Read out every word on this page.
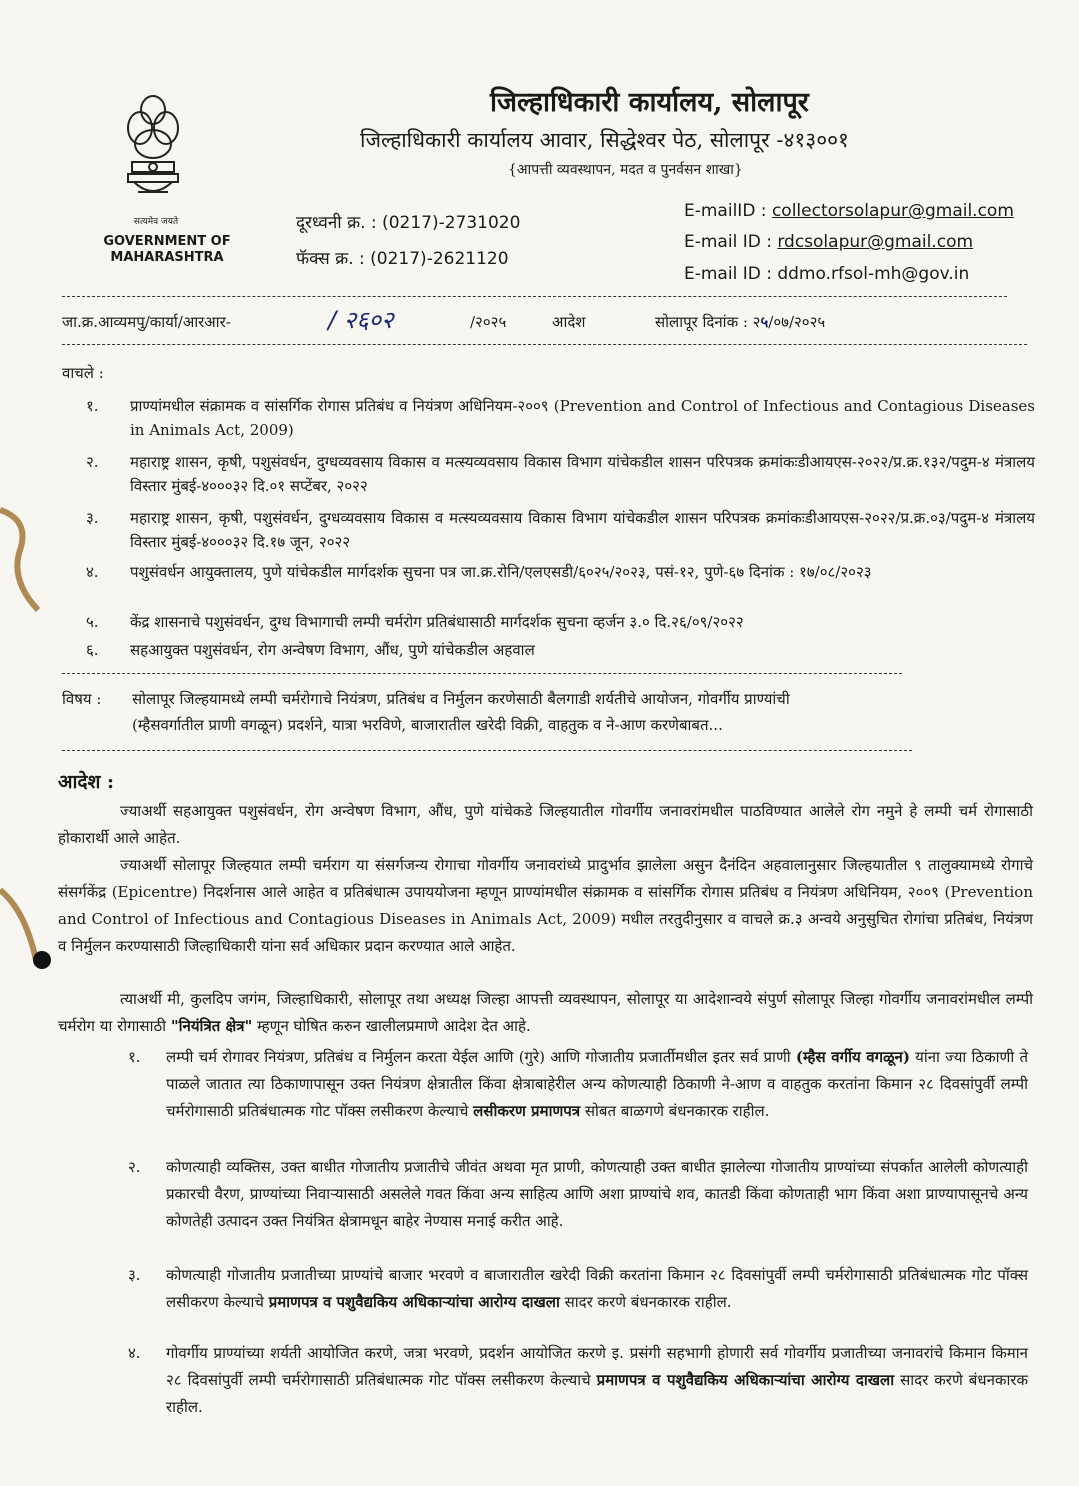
सत्यमेव जयते
GOVERNMENT OF
MAHARASHTRA
जिल्हाधिकारी कार्यालय, सोलापूर
जिल्हाधिकारी कार्यालय आवार, सिद्धेश्वर पेठ, सोलापूर -४१३००१
{आपत्ती व्यवस्थापन, मदत व पुनर्वसन शाखा}
दूरध्वनी क्र. : (0217)-2731020
फॅक्स क्र. : (0217)-2621120
E-mailID : collectorsolapur@gmail.com
E-mail ID : rdcsolapur@gmail.com
E-mail ID : ddmo.rfsol-mh@gov.in
जा.क्र.आव्यमपु/कार्या/आरआर-	/ २६०२	/२०२५	आदेश	सोलापूर दिनांक : २५/०७/२०२५
वाचले :
१. प्राण्यांमधील संक्रामक व सांसर्गिक रोगास प्रतिबंध व नियंत्रण अधिनियम-२००९ (Prevention and Control of Infectious and Contagious Diseases in Animals Act, 2009)
२. महाराष्ट्र शासन, कृषी, पशुसंवर्धन, दुग्धव्यवसाय विकास व मत्स्यव्यवसाय विकास विभाग यांचेकडील शासन परिपत्रक क्रमांकःडीआयएस-२०२२/प्र.क्र.१३२/पदुम-४ मंत्रालय विस्तार मुंबई-४०००३२ दि.०१ सप्टेंबर, २०२२
३. महाराष्ट्र शासन, कृषी, पशुसंवर्धन, दुग्धव्यवसाय विकास व मत्स्यव्यवसाय विकास विभाग यांचेकडील शासन परिपत्रक क्रमांकःडीआयएस-२०२२/प्र.क्र.०३/पदुम-४ मंत्रालय विस्तार मुंबई-४०००३२ दि.१७ जून, २०२२
४. पशुसंवर्धन आयुक्तालय, पुणे यांचेकडील मार्गदर्शक सुचना पत्र जा.क्र.रोनि/एलएसडी/६०२५/२०२३, पसं-१२, पुणे-६७ दिनांक : १७/०८/२०२३
५. केंद्र शासनाचे पशुसंवर्धन, दुग्ध विभागाची लम्पी चर्मरोग प्रतिबंधासाठी मार्गदर्शक सुचना व्हर्जन ३.० दि.२६/०९/२०२२
६. सहआयुक्त पशुसंवर्धन, रोग अन्वेषण विभाग, औंध, पुणे यांचेकडील अहवाल
विषय :	सोलापूर जिल्हयामध्ये लम्पी चर्मरोगाचे नियंत्रण, प्रतिबंध व निर्मुलन करणेसाठी बैलगाडी शर्यतीचे आयोजन, गोवर्गीय प्राण्यांची
(म्हैसवर्गातील प्राणी वगळून) प्रदर्शने, यात्रा भरविणे, बाजारातील खरेदी विक्री, वाहतुक व ने-आण करणेबाबत...
आदेश :
ज्याअर्थी सहआयुक्त पशुसंवर्धन, रोग अन्वेषण विभाग, औंध, पुणे यांचेकडे जिल्हयातील गोवर्गीय जनावरांमधील पाठविण्यात आलेले रोग नमुने हे लम्पी चर्म रोगासाठी होकारार्थी आले आहेत.
ज्याअर्थी सोलापूर जिल्हयात लम्पी चर्मराग या संसर्गजन्य रोगाचा गोवर्गीय जनावरांध्ये प्रादुर्भाव झालेला असुन दैनंदिन अहवालानुसार जिल्हयातील ९ तालुक्यामध्ये रोगाचे संसर्गकेंद्र (Epicentre) निदर्शनास आले आहेत व प्रतिबंधात्म उपाययोजना म्हणून प्राण्यांमधील संक्रामक व सांसर्गिक रोगास प्रतिबंध व नियंत्रण अधिनियम, २००९ (Prevention and Control of Infectious and Contagious Diseases in Animals Act, 2009) मधील तरतुदीनुसार व वाचले क्र.३ अन्वये अनुसुचित रोगांचा प्रतिबंध, नियंत्रण व निर्मुलन करण्यासाठी जिल्हाधिकारी यांना सर्व अधिकार प्रदान करण्यात आले आहेत.
त्याअर्थी मी, कुलदिप जगंम, जिल्हाधिकारी, सोलापूर तथा अध्यक्ष जिल्हा आपत्ती व्यवस्थापन, सोलापूर या आदेशान्वये संपुर्ण सोलापूर जिल्हा गोवर्गीय जनावरांमधील लम्पी चर्मरोग या रोगासाठी "नियंत्रित क्षेत्र" म्हणून घोषित करुन खालीलप्रमाणे आदेश देत आहे.
१. लम्पी चर्म रोगावर नियंत्रण, प्रतिबंध व निर्मुलन करता येईल आणि (गुरे) आणि गोजातीय प्रजार्तीमधील इतर सर्व प्राणी (म्हैस वर्गीय वगळून) यांना ज्या ठिकाणी ते पाळले जातात त्या ठिकाणापासून उक्त नियंत्रण क्षेत्रातील किंवा क्षेत्राबाहेरील अन्य कोणत्याही ठिकाणी ने-आण व वाहतुक करतांना किमान २८ दिवसांपुर्वी लम्पी चर्मरोगासाठी प्रतिबंधात्मक गोट पॉक्स लसीकरण केल्याचे लसीकरण प्रमाणपत्र सोबत बाळगणे बंधनकारक राहील.
२. कोणत्याही व्यक्तिस, उक्त बाधीत गोजातीय प्रजातीचे जीवंत अथवा मृत प्राणी, कोणत्याही उक्त बाधीत झालेल्या गोजातीय प्राण्यांच्या संपर्कात आलेली कोणत्याही प्रकारची वैरण, प्राण्यांच्या निवाऱ्यासाठी असलेले गवत किंवा अन्य साहित्य आणि अशा प्राण्यांचे शव, कातडी किंवा कोणताही भाग किंवा अशा प्राण्यापासूनचे अन्य कोणतेही उत्पादन उक्त नियंत्रित क्षेत्रामधून बाहेर नेण्यास मनाई करीत आहे.
३. कोणत्याही गोजातीय प्रजातीच्या प्राण्यांचे बाजार भरवणे व बाजारातील खरेदी विक्री करतांना किमान २८ दिवसांपुर्वी लम्पी चर्मरोगासाठी प्रतिबंधात्मक गोट पॉक्स लसीकरण केल्याचे प्रमाणपत्र व पशुवैद्यकिय अधिकाऱ्यांचा आरोग्य दाखला सादर करणे बंधनकारक राहील.
४. गोवर्गीय प्राण्यांच्या शर्यती आयोजित करणे, जत्रा भरवणे, प्रदर्शन आयोजित करणे इ. प्रसंगी सहभागी होणारी सर्व गोवर्गीय प्रजातीच्या जनावरांचे किमान किमान २८ दिवसांपुर्वी लम्पी चर्मरोगासाठी प्रतिबंधात्मक गोट पॉक्स लसीकरण केल्याचे प्रमाणपत्र व पशुवैद्यकिय अधिकाऱ्यांचा आरोग्य दाखला सादर करणे बंधनकारक राहील.
